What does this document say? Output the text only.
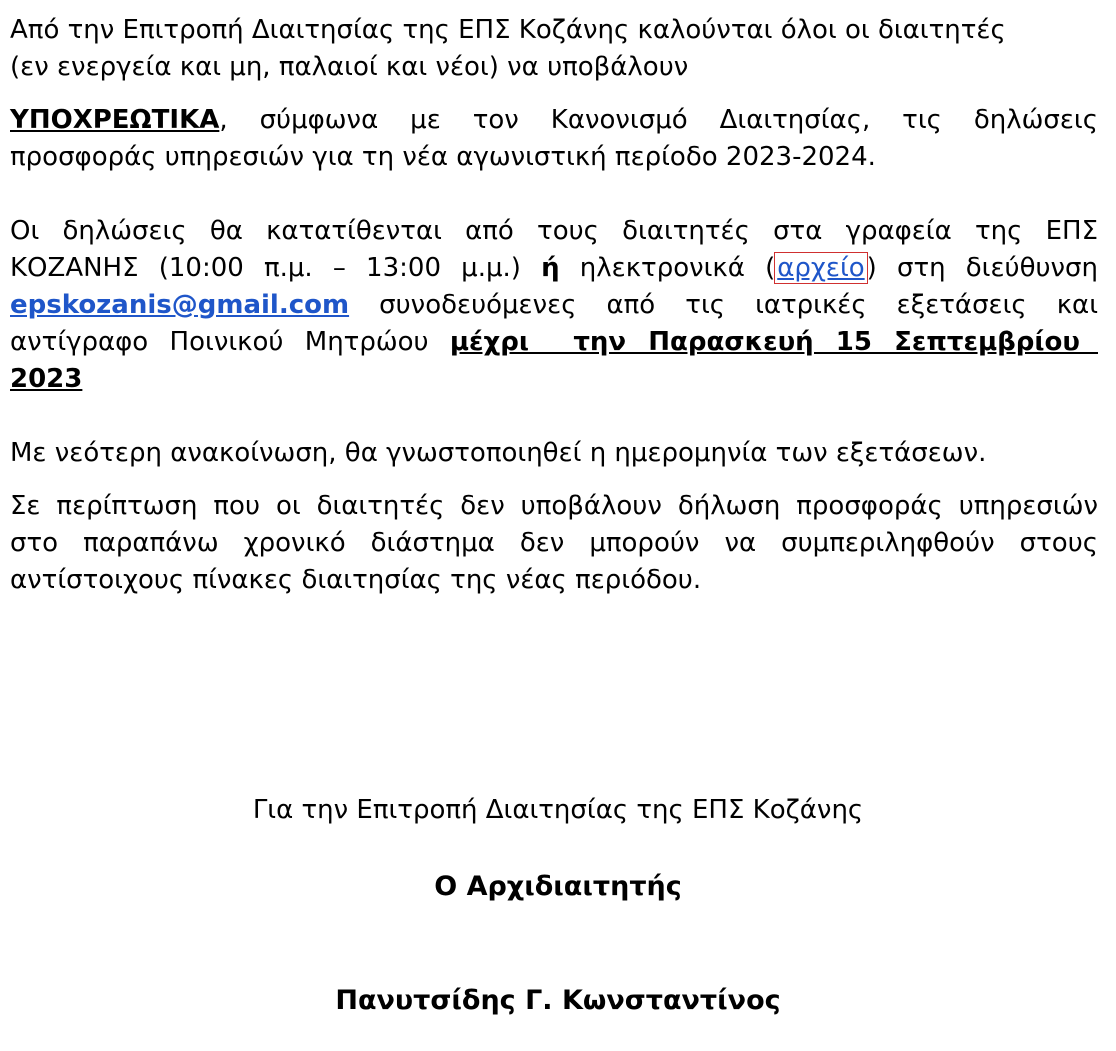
Από την Επιτροπή Διαιτησίας της ΕΠΣ Κοζάνης καλούνται όλοι οι διαιτητές
(εν ενεργεία και μη, παλαιοί και νέοι) να υποβάλουν

ΥΠΟΧΡΕΩΤΙΚΑ, σύμφωνα με τον Κανονισμό Διαιτησίας, τις δηλώσεις
προσφοράς υπηρεσιών για τη νέα αγωνιστική περίοδο 2023-2024.

Οι δηλώσεις θα κατατίθενται από τους διαιτητές στα γραφεία της ΕΠΣ
ΚΟΖΑΝΗΣ (10:00 π.μ. – 13:00 μ.μ.) ή ηλεκτρονικά (αρχείο) στη διεύθυνση
epskozanis@gmail.com συνοδευόμενες από τις ιατρικές εξετάσεις και
αντίγραφο Ποινικού Μητρώου μέχρι  την Παρασκευή 15 Σεπτεμβρίου
2023

Με νεότερη ανακοίνωση, θα γνωστοποιηθεί η ημερομηνία των εξετάσεων.

Σε περίπτωση που οι διαιτητές δεν υποβάλουν δήλωση προσφοράς υπηρεσιών
στο παραπάνω χρονικό διάστημα δεν μπορούν να συμπεριληφθούν στους
αντίστοιχους πίνακες διαιτησίας της νέας περιόδου.

Για την Επιτροπή Διαιτησίας της ΕΠΣ Κοζάνης
Ο Αρχιδιαιτητής
Πανυτσίδης Γ. Κωνσταντίνος
